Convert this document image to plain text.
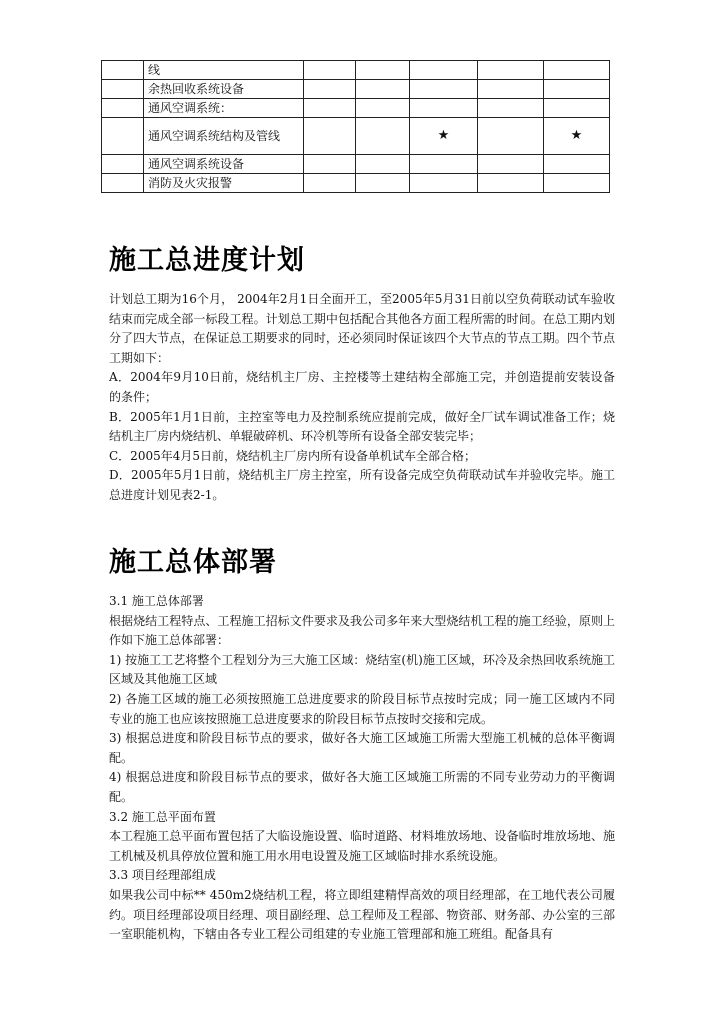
	线						
	余热回收系统设备						
	通风空调系统：						
	通风空调系统结构及管线			★		★	
	通风空调系统设备						
	消防及火灾报警						
施工总进度计划

计划总工期为16个月， 2004年2月1日全面开工，至2005年5月31日前以空负荷联动试车验收结束而完成全部一标段工程。计划总工期中包括配合其他各方面工程所需的时间。在总工期内划分了四大节点，在保证总工期要求的同时，还必须同时保证该四个大节点的节点工期。四个节点工期如下：

A．2004年9月10日前，烧结机主厂房、主控楼等土建结构全部施工完，并创造提前安装设备的条件；

B．2005年1月1日前，主控室等电力及控制系统应提前完成，做好全厂试车调试准备工作；烧结机主厂房内烧结机、单辊破碎机、环冷机等所有设备全部安装完毕；

C．2005年4月5日前，烧结机主厂房内所有设备单机试车全部合格；

D．2005年5月1日前，烧结机主厂房主控室，所有设备完成空负荷联动试车并验收完毕。施工总进度计划见表2-1。

施工总体部署

3.1 施工总体部署

根据烧结工程特点、工程施工招标文件要求及我公司多年来大型烧结机工程的施工经验，原则上作如下施工总体部署：

1) 按施工工艺将整个工程划分为三大施工区域：烧结室(机)施工区域，环冷及余热回收系统施工区域及其他施工区域

2) 各施工区域的施工必须按照施工总进度要求的阶段目标节点按时完成；同一施工区域内不同专业的施工也应该按照施工总进度要求的阶段目标节点按时交接和完成。

3) 根据总进度和阶段目标节点的要求，做好各大施工区域施工所需大型施工机械的总体平衡调配。

4) 根据总进度和阶段目标节点的要求，做好各大施工区域施工所需的不同专业劳动力的平衡调配。

3.2 施工总平面布置

本工程施工总平面布置包括了大临设施设置、临时道路、材料堆放场地、设备临时堆放场地、施工机械及机具停放位置和施工用水用电设置及施工区域临时排水系统设施。

3.3 项目经理部组成

如果我公司中标** 450m2烧结机工程，将立即组建精悍高效的项目经理部，在工地代表公司履约。项目经理部设项目经理、项目副经理、总工程师及工程部、物资部、财务部、办公室的三部一室职能机构，下辖由各专业工程公司组建的专业施工管理部和施工班组。配备具有
